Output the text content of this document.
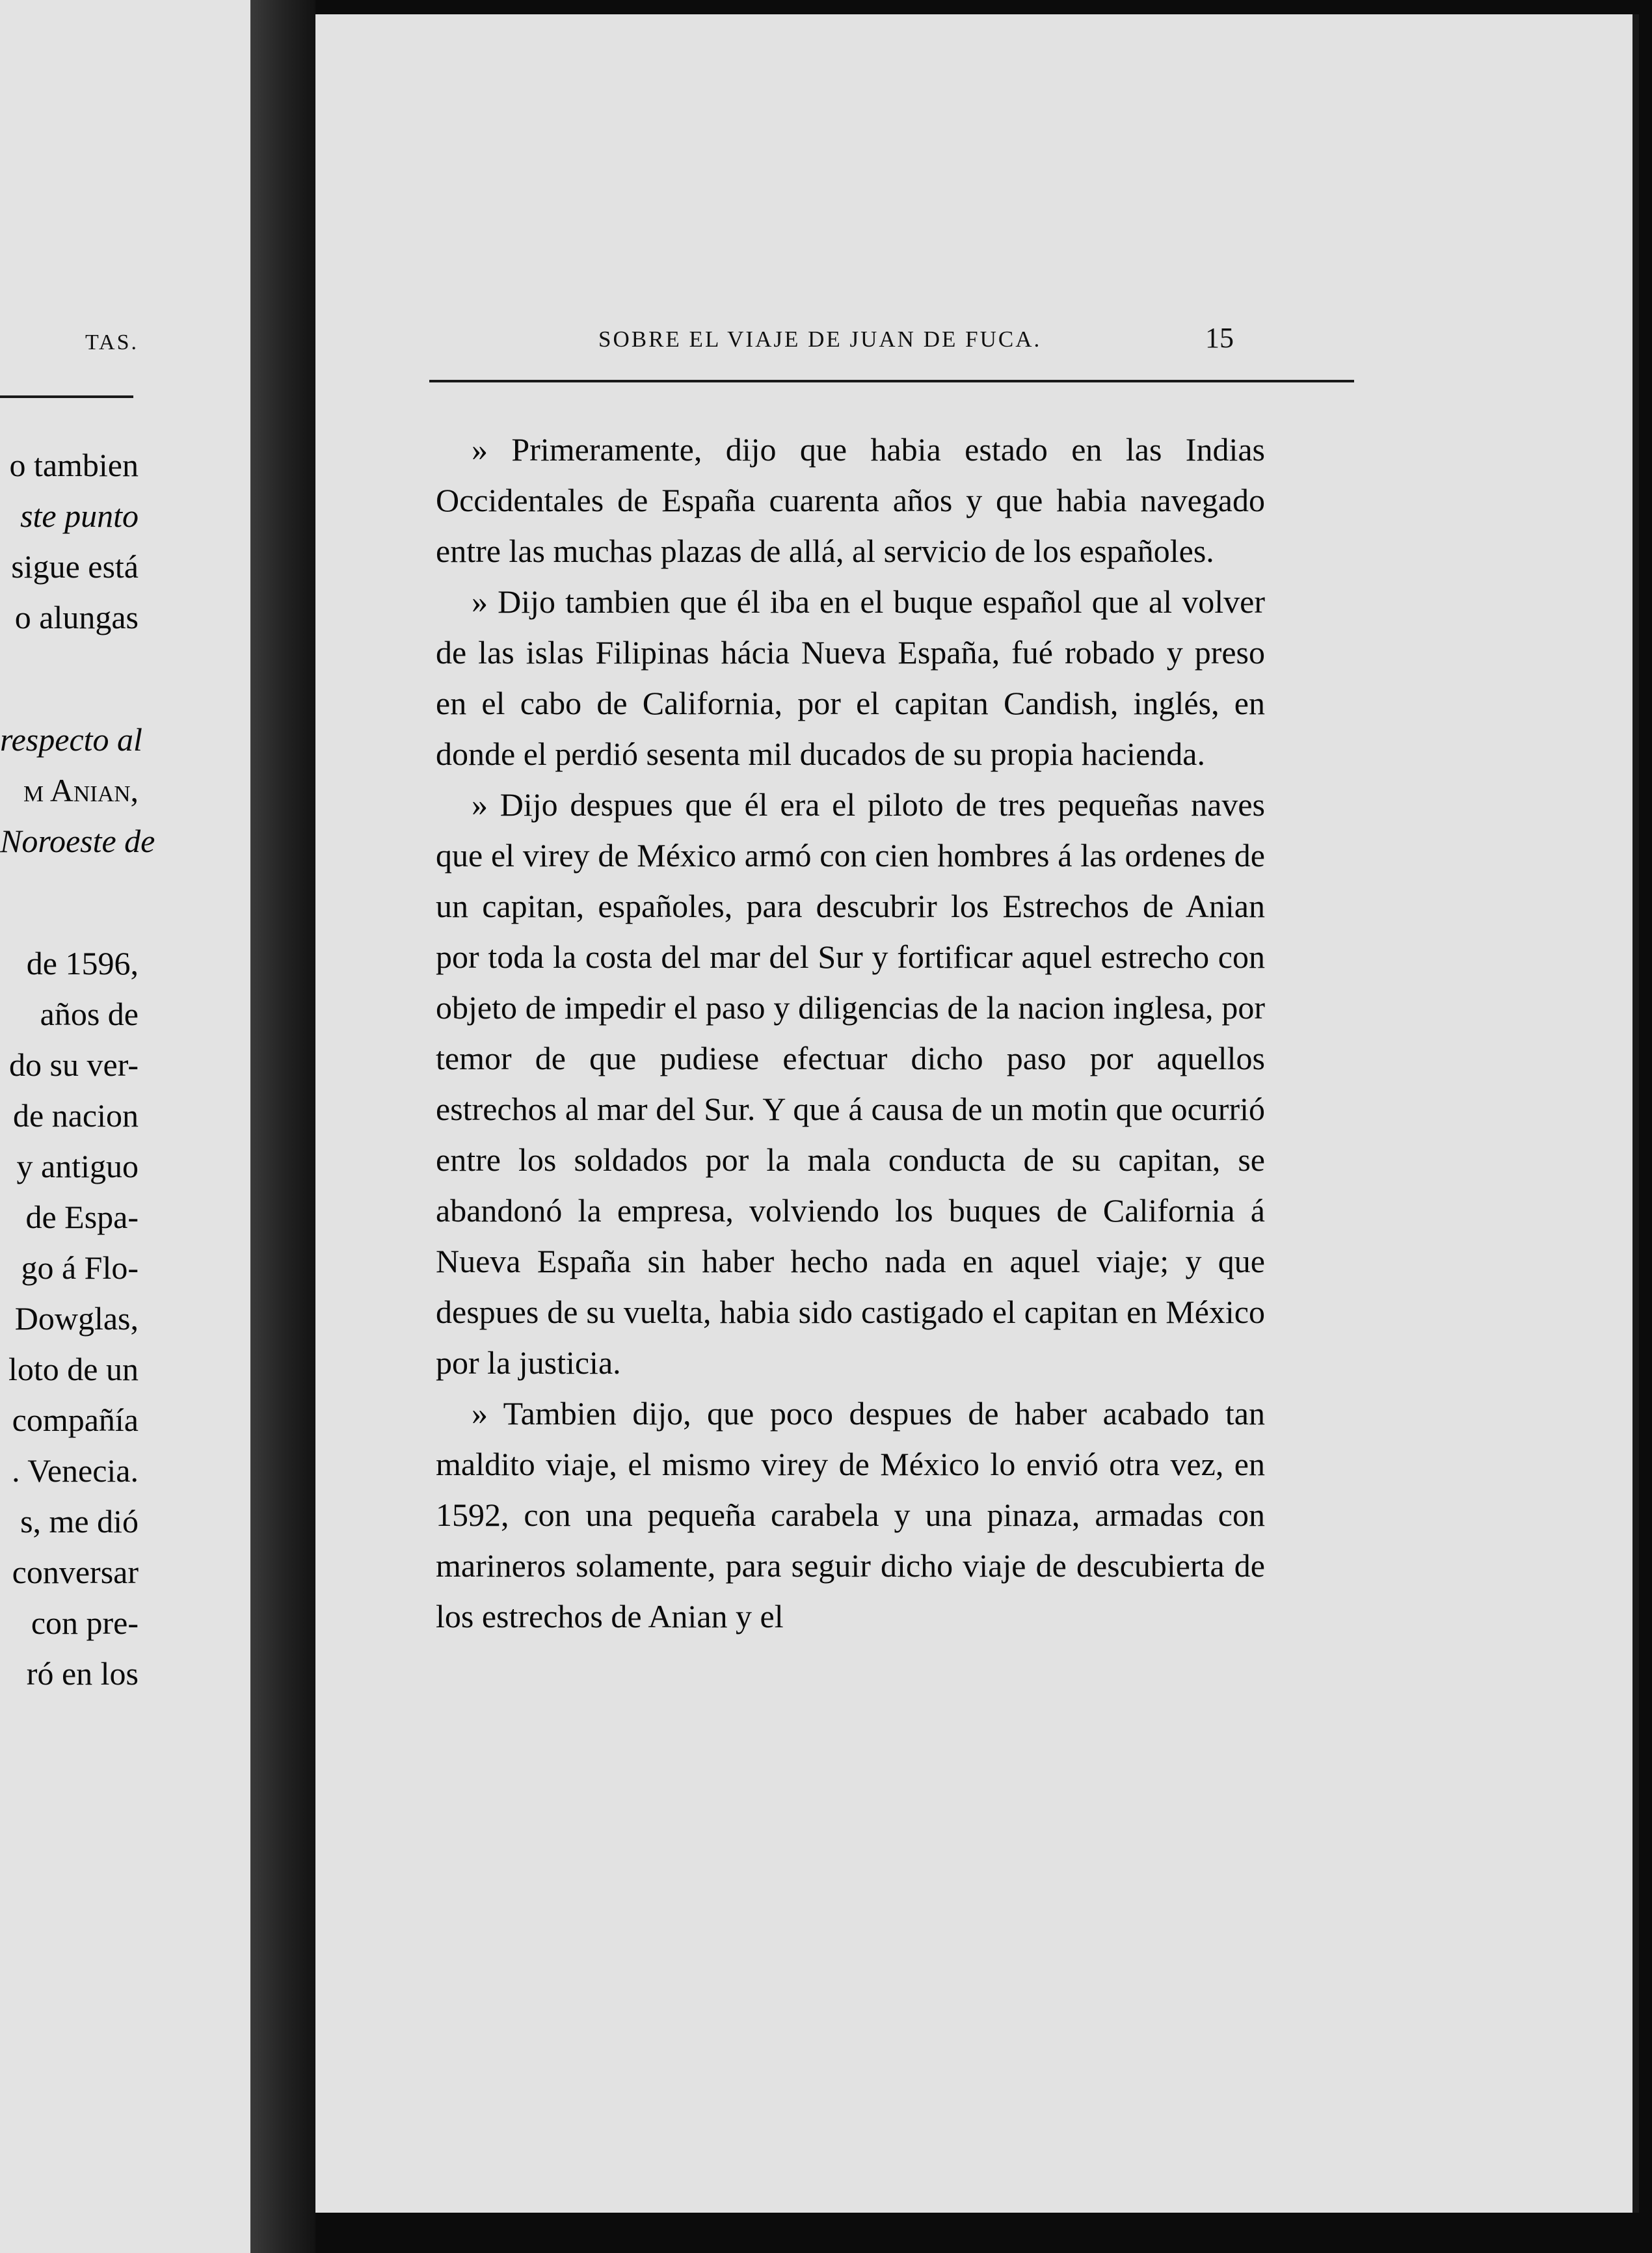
TAS.
o tambien
ste punto
sigue está
o alungas
respecto al
m Anian,
Noroeste de
de 1596,
años de
do su ver-
de nacion
y antiguo
de Espa-
go á Flo-
Dowglas,
loto de un
compañía
. Venecia.
s, me dió
conversar
con pre-
ró en los
SOBRE EL VIAJE DE JUAN DE FUCA.	15

» Primeramente, dijo que habia estado en las Indias Occidentales de España cuarenta años y que habia navegado entre las muchas plazas de allá, al servicio de los españoles.

» Dijo tambien que él iba en el buque español que al volver de las islas Filipinas hácia Nueva España, fué robado y preso en el cabo de California, por el capitan Candish, inglés, en donde el perdió sesenta mil ducados de su propia hacienda.

» Dijo despues que él era el piloto de tres pequeñas naves que el virey de México armó con cien hombres á las ordenes de un capitan, españoles, para descubrir los Estrechos de Anian por toda la costa del mar del Sur y fortificar aquel estrecho con objeto de impedir el paso y diligencias de la nacion inglesa, por temor de que pudiese efectuar dicho paso por aquellos estrechos al mar del Sur. Y que á causa de un motin que ocurrió entre los soldados por la mala conducta de su capitan, se abandonó la empresa, volviendo los buques de California á Nueva España sin haber hecho nada en aquel viaje; y que despues de su vuelta, habia sido castigado el capitan en México por la justicia.

» Tambien dijo, que poco despues de haber acabado tan maldito viaje, el mismo virey de México lo envió otra vez, en 1592, con una pequeña carabela y una pinaza, armadas con marineros solamente, para seguir dicho viaje de descubierta de los estrechos de Anian y el
